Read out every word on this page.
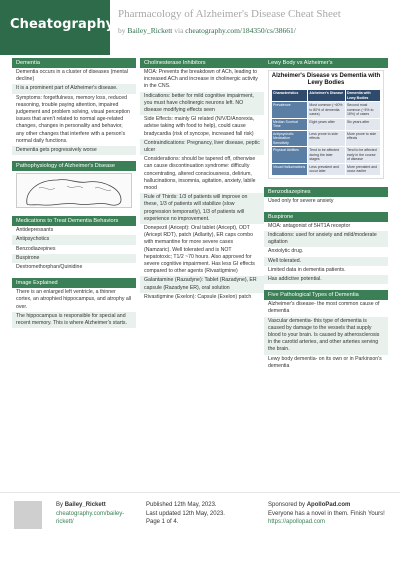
Cheatography
Pharmacology of Alzheimer's Disease Cheat Sheet
by Bailey_Rickett via cheatography.com/184350/cs/38661/
Dementia
Dementia occurs in a cluster of diseases (mental decline)
It is a prominent part of Alzheimer's disease.
Symptoms: forgetfulness, memory loss, reduced reasoning, trouble paying attention, impaired judgement and problem solving, visual perception issues that aren't related to normal age-related changes, changes in personality and behavior, any other changes that interfere with a person's normal daily functions.
Dementia gets progressively worse
Pathophysiology of Alzheimer's Disease
Medications to Treat Dementia Behaviors
Antidepressants
Antipsychotics
Benzodiazepines
Buspirone
Dextromethorphan/Quinidine
Image Explained
There is an enlarged left ventricle, a thinner cortex, an atrophied hippocampus, and atrophy all over.
The hippocampus is responsible for special and recent memory. This is where Alzheimer's starts.
Cholinesterase Inhibitors
MOA: Prevents the breakdown of ACh, leading to increased ACh and increase in cholinergic activity in the CNS.
Indications: better for mild cognitive impairment, you must have cholinergic neurons left. NO disease modifying effects seen
Side Effects: mainly GI related (N/V/D/Anorexia, advise taking with food to help), could cause bradycardia (risk of syncope, increased fall risk)
Contraindications: Pregnancy, liver disease, peptic ulcer
Considerations: should be tapered off, otherwise can cause discontinuation syndrome: difficulty concentrating, altered consciousness, delirium, hallucinations, insomnia, agitation, anxiety, labile mood
Rule of Thirds: 1/3 of patients will improve on these, 1/3 of patients will stabilize (slow progression temporarily), 1/3 of patients will experience no improvement.
Donepezil (Aricept): Oral tablet (Aricept), ODT (Aricept RDT), patch (Adlarity), ER caps combo with memantine for more severe cases (Namzaric). Well tolerated and is NOT hepatotoxic; T1/2 ~70 hours. Also approved for severe cognitive impairment. Has less GI effects compared to other agents (Rivastigmine)
Galantamine (Razadyne): Tablet (Razadyne), ER capsule (Razadyne ER), oral solution
Rivastigmine (Exelon): Capsule (Exelon) patch
Lewy Body vs Alzheimer's
Alzheimer's Disease vs Dementia with Lewy Bodies
Characteristics	Alzheimer's Disease	Dementia with Lewy Bodies
Prevalence	Most common (~60% to 80% of dementia cases)	Second most common (~5% to 15%) of cases
Median Survival Time	Eight years after	Six years after
Antipsychotic Medication Sensitivity	Less prone to side effects	More prone to side effects
Physical Abilities	Tend to be affected during the later stages	Tend to be affected early in the course of disease
Visual Hallucinations	Less prevalent and occur later	More prevalent and occur earlier
Benzodiazepines
Used only for severe anxiety
Buspirone
MOA: antagonist of 5HT1A receptor
Indications: used for anxiety and mild/moderate agitation
Anxiolytic drug.
Well tolerated.
Limited data in dementia patients.
Has addictive potential.
Five Pathological Types of Dementia
Alzheimer's disease- the most common cause of dementia
Vascular dementia- this type of dementia is caused by damage to the vessels that supply blood to your brain. Is caused by atherosclerosis in the carotid arteries, and other arteries serving the brain.
Lewy body dementia- on its own or in Parkinson's dementia
By Bailey_Rickett
cheatography.com/bailey-rickett/
Published 12th May, 2023.
Last updated 12th May, 2023.
Page 1 of 4.
Sponsored by ApolloPad.com
Everyone has a novel in them. Finish Yours!
https://apollopad.com
